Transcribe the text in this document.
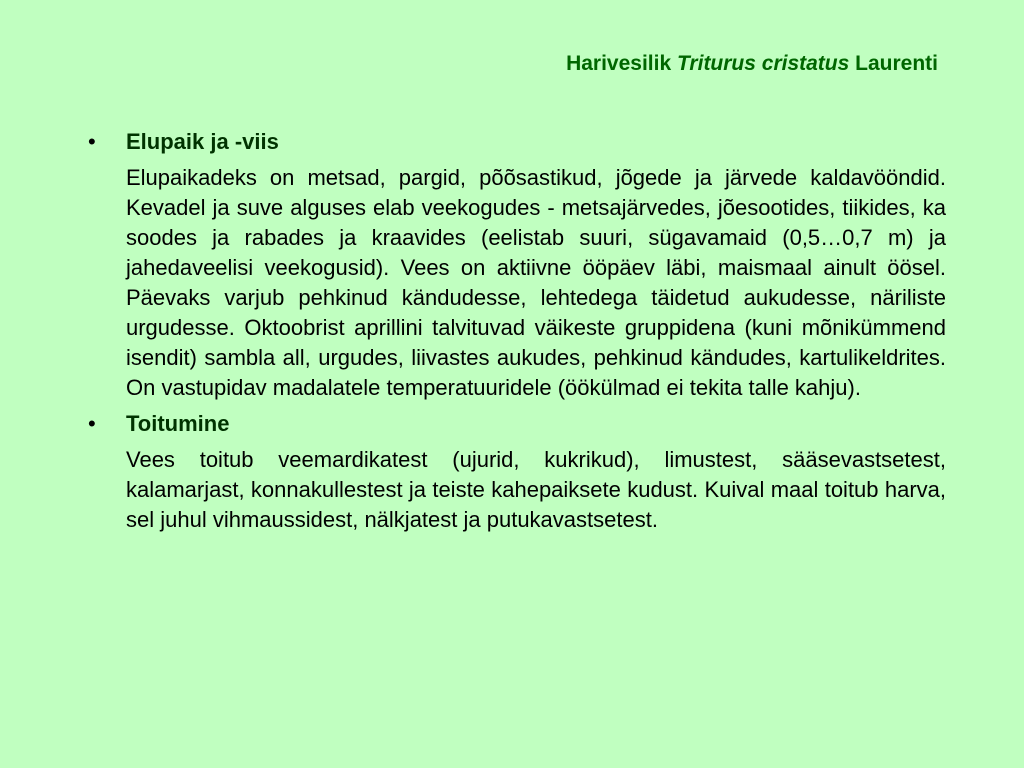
Harivesilik Triturus cristatus Laurenti
• Elupaik ja -viis
Elupaikadeks on metsad, pargid, põõsastikud, jõgede ja järvede kaldavööndid. Kevadel ja suve alguses elab veekogudes - metsajärvedes, jõesootides, tiikides, ka soodes ja rabades ja kraavides (eelistab suuri, sügavamaid (0,5…0,7 m) ja jahedaveelisi veekogusid). Vees on aktiivne ööpäev läbi, maismaal ainult öösel. Päevaks varjub pehkinud kändudesse, lehtedega täidetud aukudesse, näriliste urgudesse. Oktoobrist aprillini talvituvad väikeste gruppidena (kuni mõnikümmend isendit) sambla all, urgudes, liivastes aukudes, pehkinud kändudes, kartulikeldrites. On vastupidav madalatele temperatuuridele (öökülmad ei tekita talle kahju).
• Toitumine
Vees toitub veemardikatest (ujurid, kukrikud), limustest, sääsevastsetest, kalamarjast, konnakullestest ja teiste kahepaiksete kudust. Kuival maal toitub harva, sel juhul vihmaussidest, nälkjatest ja putukavastsetest.
